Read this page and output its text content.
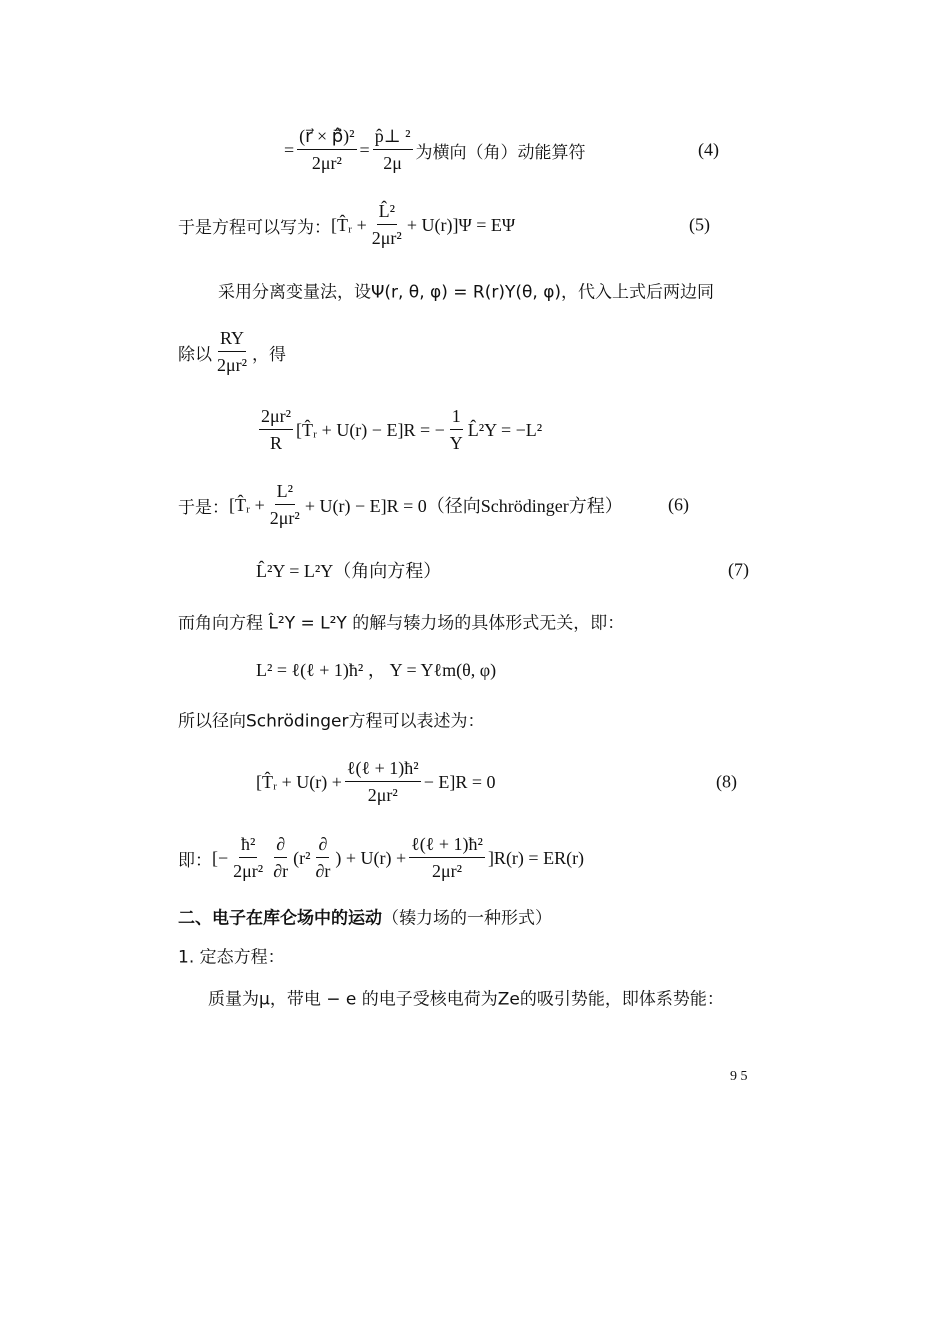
= $\frac{\text{(r⃗ × p̂⃗)²}}{\text{2μr²}} = \frac{\text{p̂⊥ ²}}{2\mu}$ 为横向（角）动能算符	(4)
于是方程可以写为： [T̂ᵣ + $\frac{\text{L̂²}}{\text{2μr²}} + U(r)]\Psi = E\Psi$	(5)
采用分离变量法，设Ψ(r, θ, φ) = R(r)Y(θ, φ)，代入上式后两边同
除以 $\frac{RY}{\text{2μr²}}$ ，得
$\frac{\text{2μr²}}{R}$ [T̂ᵣ + U(r) − E]R = − $\frac{1}{Y}$ L̂²Y = −L²
于是： [T̂ᵣ + $\frac{\text{L²}}{\text{2μr²}} + U(r) - E]R = 0$（径向Schrödinger方程）	(6)
L̂²Y = L²Y（角向方程）	(7)
而角向方程 L̂²Y = L²Y 的解与辏力场的具体形式无关，即：
L² = ℓ(ℓ + 1)ħ² ， Y = Yℓm(θ, φ)
所以径向Schrödinger方程可以表述为：
[T̂ᵣ + $U(r) + \frac{\text{ℓ(ℓ + 1)ħ²}}{\text{2μr²}} - E]R = 0$	(8)
即： [− $\frac{\text{ħ²}}{\text{2μr²}} \frac{\partial}{\partial r} (r^2 \frac{\partial}{\partial r}$ ) + $U(r) + \frac{\text{ℓ(ℓ + 1)ħ²}}{\text{2μr²}} ]R(r) = ER(r)$
二、电子在库仑场中的运动 （辏力场的一种形式）
1. 定态方程：
质量为μ，带电 − e 的电子受核电荷为Ze的吸引势能，即体系势能：
9 5
